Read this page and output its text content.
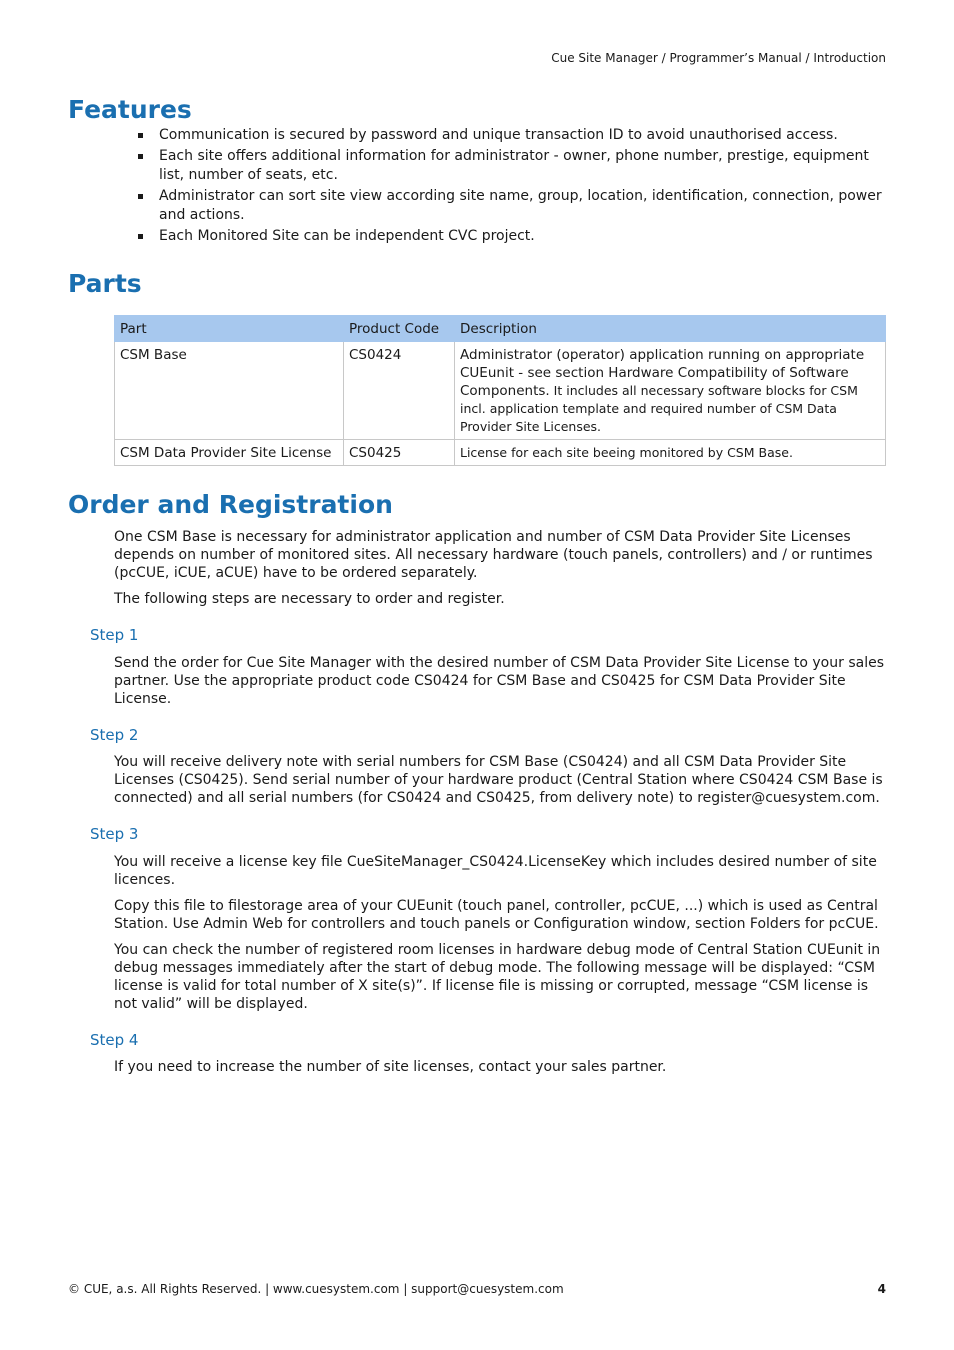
Cue Site Manager / Programmer’s Manual / Introduction
Features
Communication is secured by password and unique transaction ID to avoid unauthorised access.
Each site offers additional information for administrator - owner, phone number, prestige, equipment list, number of seats, etc.
Administrator can sort site view according site name, group, location, identification, connection, power and actions.
Each Monitored Site can be independent CVC project.
Parts
Part	Product Code	Description
CSM Base	CS0424	Administrator (operator) application running on appropriate CUEunit - see section Hardware Compatibility of Software Components. It includes all necessary software blocks for CSM incl. application template and required number of CSM Data Provider Site Licenses.
CSM Data Provider Site License	CS0425	License for each site beeing monitored by CSM Base.
Order and Registration

One CSM Base is necessary for administrator application and number of CSM Data Provider Site Licenses depends on number of monitored sites. All necessary hardware (touch panels, controllers) and / or runtimes (pcCUE, iCUE, aCUE) have to be ordered separately.

The following steps are necessary to order and register.

Step 1

Send the order for Cue Site Manager with the desired number of CSM Data Provider Site License to your sales partner. Use the appropriate product code CS0424 for CSM Base and CS0425 for CSM Data Provider Site License.

Step 2

You will receive delivery note with serial numbers for CSM Base (CS0424) and all CSM Data Provider Site Licenses (CS0425). Send serial number of your hardware product (Central Station where CS0424 CSM Base is connected) and all serial numbers (for CS0424 and CS0425, from delivery note) to register@cuesystem.com.

Step 3

You will receive a license key file CueSiteManager_CS0424.LicenseKey which includes desired number of site licences.

Copy this file to filestorage area of your CUEunit (touch panel, controller, pcCUE, ...) which is used as Central Station. Use Admin Web for controllers and touch panels or Configuration window, section Folders for pcCUE.

You can check the number of registered room licenses in hardware debug mode of Central Station CUEunit in debug messages immediately after the start of debug mode. The following message will be displayed: “CSM license is valid for total number of X site(s)”. If license file is missing or corrupted, message “CSM license is not valid” will be displayed.

Step 4

If you need to increase the number of site licenses, contact your sales partner.

© CUE, a.s. All Rights Reserved. | www.cuesystem.com | support@cuesystem.com	4
